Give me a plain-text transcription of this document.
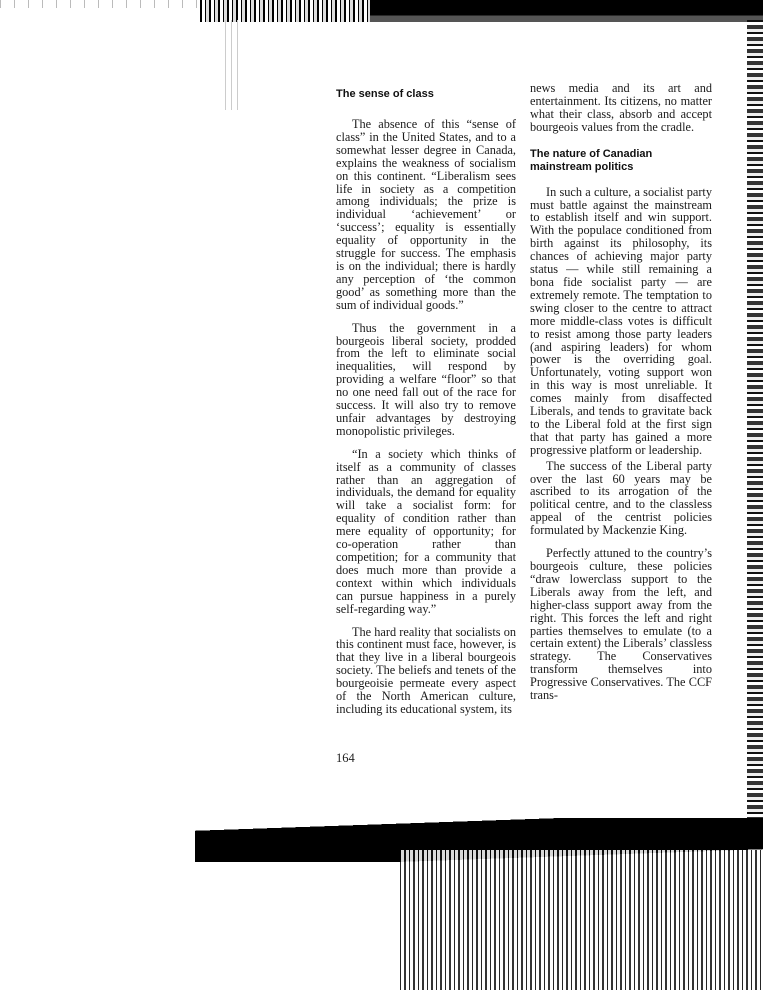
The sense of class

The absence of this “sense of class” in the United States, and to a somewhat lesser degree in Canada, explains the weakness of socialism on this continent. “Liberalism sees life in society as a competition among individuals; the prize is individual ‘achievement’ or ‘success’; equality is essentially equality of opportunity in the struggle for success. The emphasis is on the individual; there is hardly any perception of ‘the common good’ as something more than the sum of individual goods.”

Thus the government in a bourgeois liberal society, prodded from the left to eliminate social inequalities, will respond by providing a welfare “floor” so that no one need fall out of the race for success. It will also try to remove unfair advantages by destroying monopolistic privileges.

“In a society which thinks of itself as a community of classes rather than an aggregation of individuals, the demand for equality will take a socialist form: for equality of condition rather than mere equality of opportunity; for co-operation rather than competition; for a community that does much more than provide a context within which individuals can pursue happiness in a purely self-regarding way.”

The hard reality that socialists on this continent must face, however, is that they live in a liberal bourgeois society. The beliefs and tenets of the bourgeoisie permeate every aspect of the North American culture, including its educational system, its

news media and its art and entertainment. Its citizens, no matter what their class, absorb and accept bourgeois values from the cradle.

The nature of Canadian mainstream politics

In such a culture, a socialist party must battle against the mainstream to establish itself and win support. With the populace conditioned from birth against its philosophy, its chances of achieving major party status — while still remaining a bona fide socialist party — are extremely remote. The temptation to swing closer to the centre to attract more middle-class votes is difficult to resist among those party leaders (and aspiring leaders) for whom power is the overriding goal. Unfortunately, voting support won in this way is most unreliable. It comes mainly from disaffected Liberals, and tends to gravitate back to the Liberal fold at the first sign that that party has gained a more progressive platform or leadership.

The success of the Liberal party over the last 60 years may be ascribed to its arrogation of the political centre, and to the classless appeal of the centrist policies formulated by Mackenzie King.

Perfectly attuned to the country’s bourgeois culture, these policies “draw lowerclass support to the Liberals away from the left, and higher-class support away from the right. This forces the left and right parties themselves to emulate (to a certain extent) the Liberals’ classless strategy. The Conservatives transform themselves into Progressive Conservatives. The CCF trans-

164
